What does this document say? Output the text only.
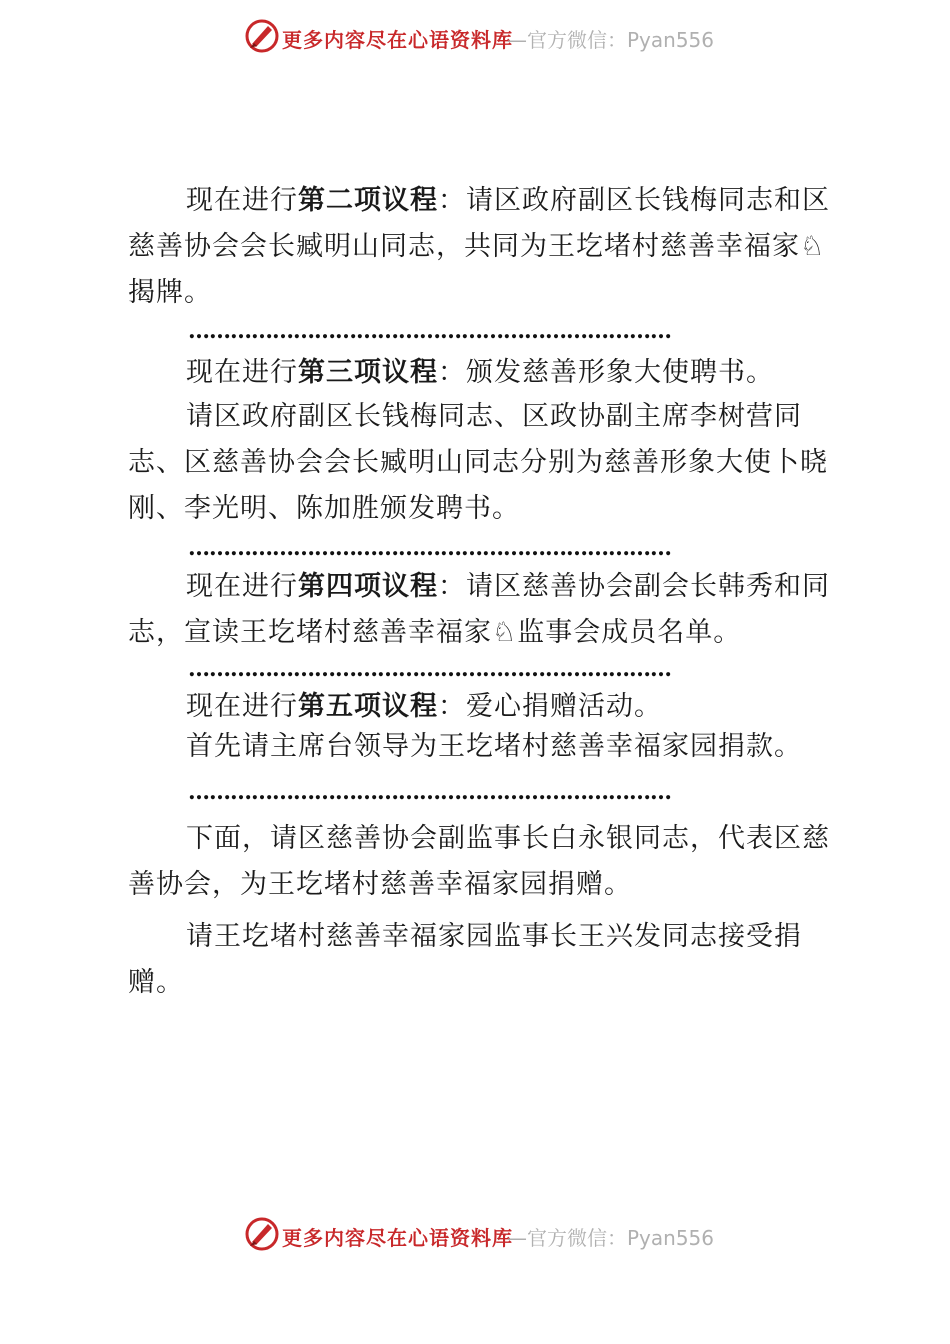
更多内容尽在心语资料库
—官方微信：Pyan556

现在进行第二项议程：请区政府副区长钱梅同志和区慈善协会会长臧明山同志，共同为王圪堵村慈善幸福家♘揭牌。

……………………………………………………………

现在进行第三项议程：颁发慈善形象大使聘书。

请区政府副区长钱梅同志、区政协副主席李树营同志、区慈善协会会长臧明山同志分别为慈善形象大使卜晓刚、李光明、陈加胜颁发聘书。

……………………………………………………………

现在进行第四项议程：请区慈善协会副会长韩秀和同志，宣读王圪堵村慈善幸福家♘监事会成员名单。

……………………………………………………………

现在进行第五项议程：爱心捐赠活动。

首先请主席台领导为王圪堵村慈善幸福家园捐款。

……………………………………………………………

下面，请区慈善协会副监事长白永银同志，代表区慈善协会，为王圪堵村慈善幸福家园捐赠。

请王圪堵村慈善幸福家园监事长王兴发同志接受捐赠。

更多内容尽在心语资料库
—官方微信：Pyan556
